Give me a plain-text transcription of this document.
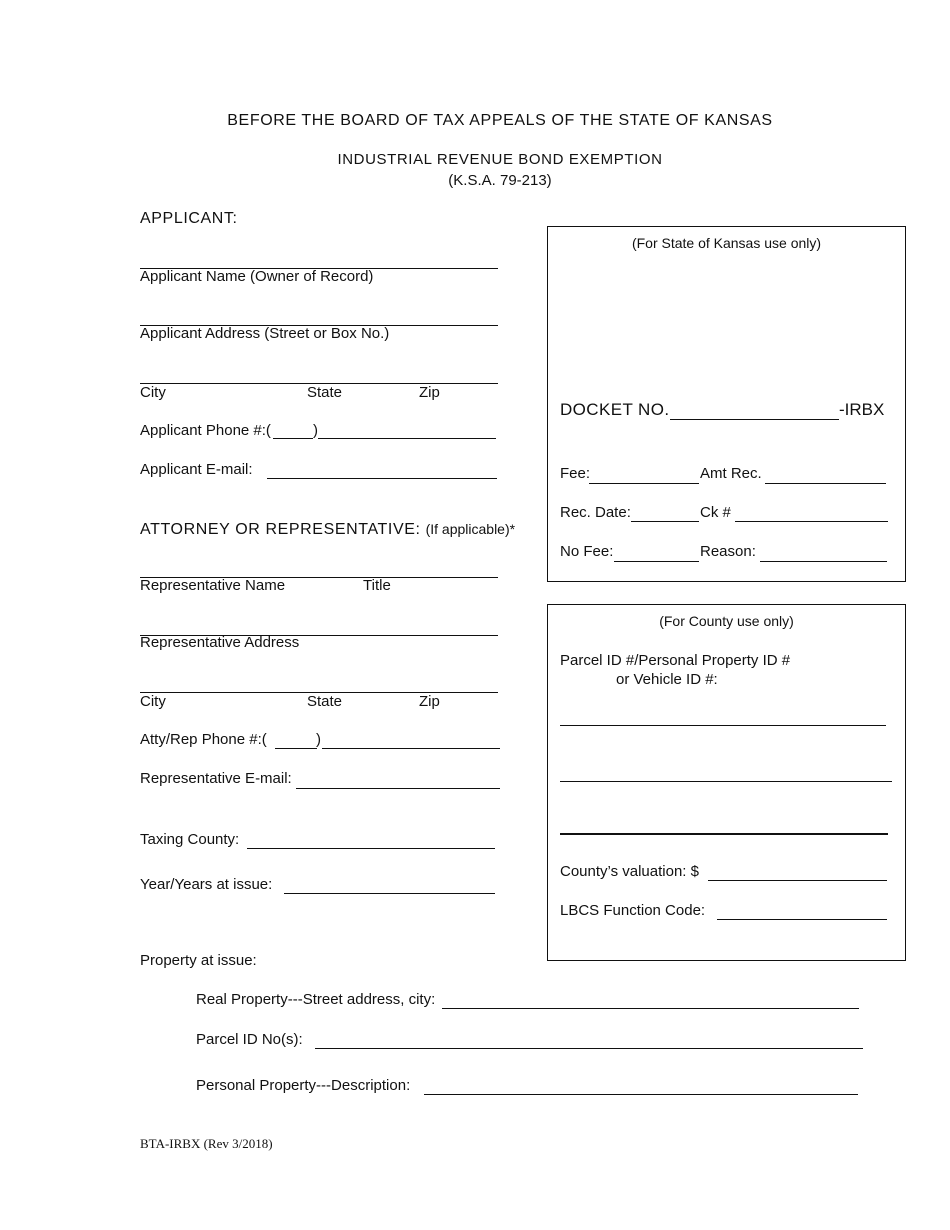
BEFORE THE BOARD OF TAX APPEALS OF THE STATE OF KANSAS
INDUSTRIAL REVENUE BOND EXEMPTION
(K.S.A. 79-213)
APPLICANT:
Applicant Name (Owner of Record)
Applicant Address (Street or Box No.)
City	State	Zip
Applicant Phone #:(	)
Applicant E-mail:
ATTORNEY OR REPRESENTATIVE: (If applicable)*
Representative Name	Title
Representative Address
City	State	Zip
Atty/Rep Phone #:(	)
Representative E-mail:
Taxing County:
Year/Years at issue:
Property at issue:
Real Property---Street address, city:
Parcel ID No(s):
Personal Property---Description:
(For State of Kansas use only)
DOCKET NO.	-IRBX
Fee:	Amt Rec.
Rec. Date:	Ck #
No Fee:	Reason:
(For County use only)
Parcel ID #/Personal Property ID #
or Vehicle ID #:
County’s valuation: $
LBCS Function Code:
BTA-IRBX (Rev 3/2018)
